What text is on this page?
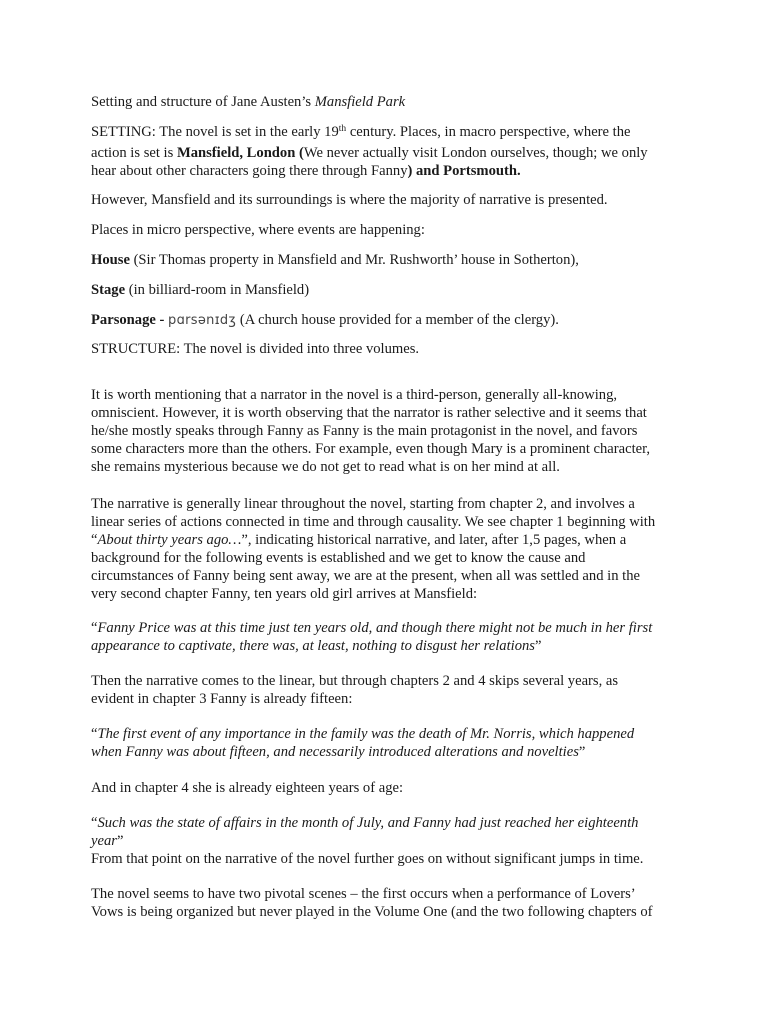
Setting and structure of Jane Austen’s Mansfield Park
SETTING: The novel is set in the early 19th century. Places, in macro perspective, where the
action is set is Mansfield, London (We never actually visit London ourselves, though; we only
hear about other characters going there through Fanny) and Portsmouth.
However, Mansfield and its surroundings is where the majority of narrative is presented.
Places in micro perspective, where events are happening:
House (Sir Thomas property in Mansfield and Mr. Rushworth’ house in Sotherton),
Stage (in billiard-room in Mansfield)
Parsonage - pɑrsənɪdʒ (A church house provided for a member of the clergy).
STRUCTURE: The novel is divided into three volumes.
It is worth mentioning that a narrator in the novel is a third-person, generally all-knowing,
omniscient. However, it is worth observing that the narrator is rather selective and it seems that
he/she mostly speaks through Fanny as Fanny is the main protagonist in the novel, and favors
some characters more than the others. For example, even though Mary is a prominent character,
she remains mysterious because we do not get to read what is on her mind at all.
The narrative is generally linear throughout the novel, starting from chapter 2, and involves a
linear series of actions connected in time and through causality. We see chapter 1 beginning with
“About thirty years ago…”, indicating historical narrative, and later, after 1,5 pages, when a
background for the following events is established and we get to know the cause and
circumstances of Fanny being sent away, we are at the present, when all was settled and in the
very second chapter Fanny, ten years old girl arrives at Mansfield:
“Fanny Price was at this time just ten years old, and though there might not be much in her first
appearance to captivate, there was, at least, nothing to disgust her relations”
Then the narrative comes to the linear, but through chapters 2 and 4 skips several years, as
evident in chapter 3 Fanny is already fifteen:
“The first event of any importance in the family was the death of Mr. Norris, which happened
when Fanny was about fifteen, and necessarily introduced alterations and novelties”
And in chapter 4 she is already eighteen years of age:
“Such was the state of affairs in the month of July, and Fanny had just reached her eighteenth
year”
From that point on the narrative of the novel further goes on without significant jumps in time.
The novel seems to have two pivotal scenes – the first occurs when a performance of Lovers’
Vows is being organized but never played in the Volume One (and the two following chapters of
